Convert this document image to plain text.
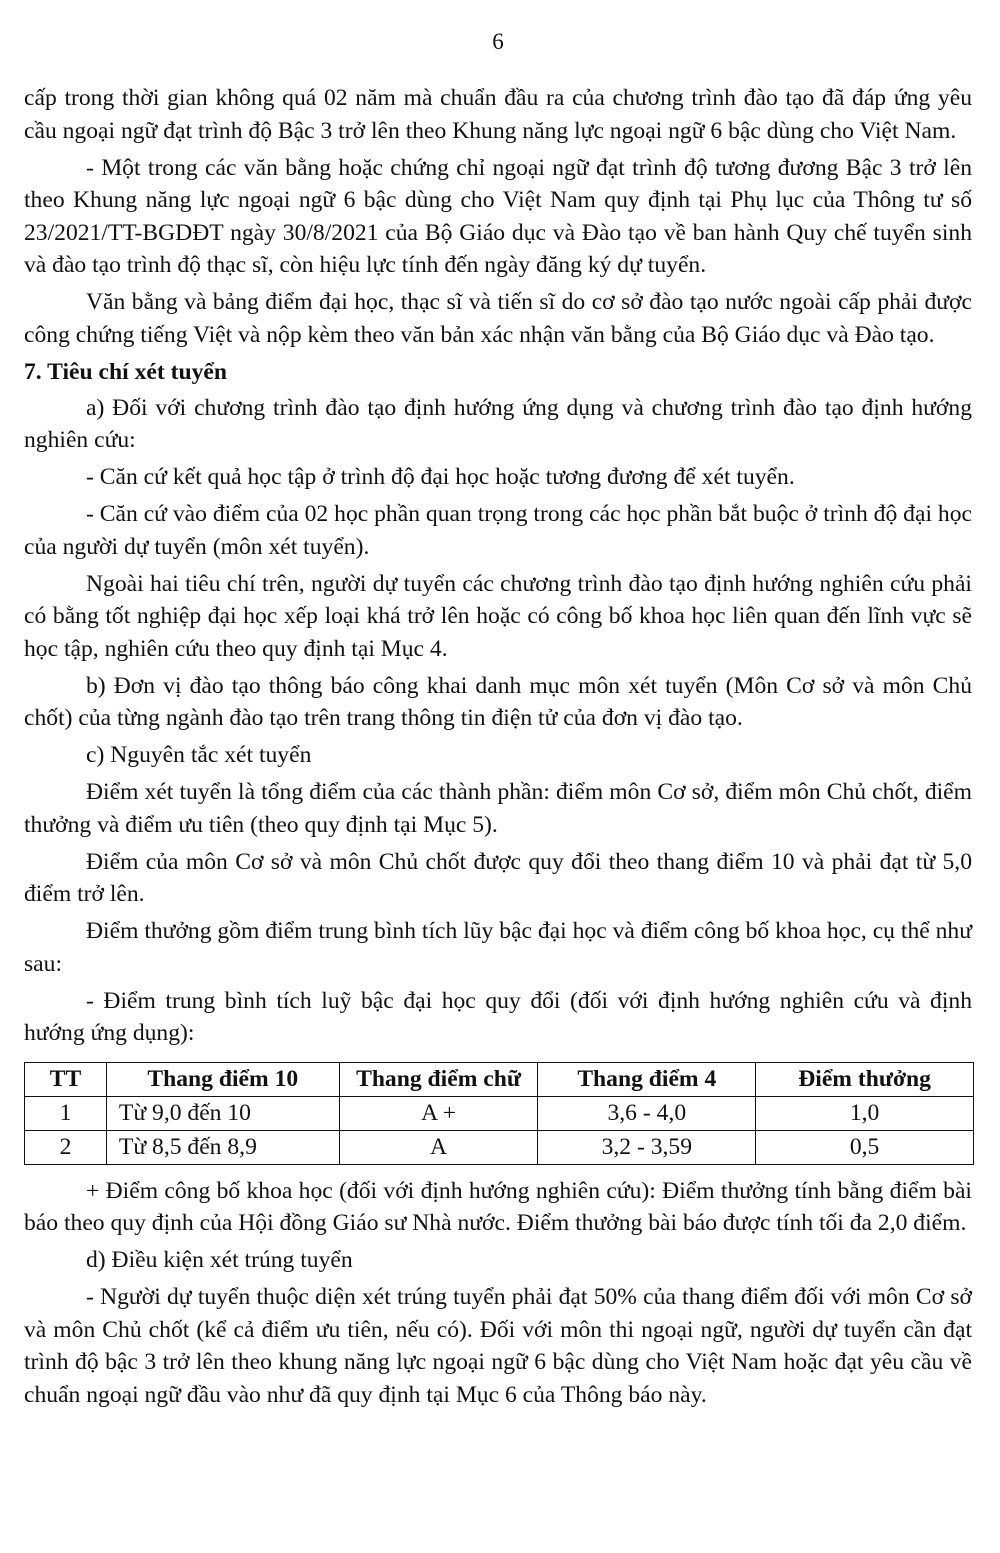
6

cấp trong thời gian không quá 02 năm mà chuẩn đầu ra của chương trình đào tạo đã đáp ứng yêu cầu ngoại ngữ đạt trình độ Bậc 3 trở lên theo Khung năng lực ngoại ngữ 6 bậc dùng cho Việt Nam.

- Một trong các văn bằng hoặc chứng chỉ ngoại ngữ đạt trình độ tương đương Bậc 3 trở lên theo Khung năng lực ngoại ngữ 6 bậc dùng cho Việt Nam quy định tại Phụ lục của Thông tư số 23/2021/TT-BGDĐT ngày 30/8/2021 của Bộ Giáo dục và Đào tạo về ban hành Quy chế tuyển sinh và đào tạo trình độ thạc sĩ, còn hiệu lực tính đến ngày đăng ký dự tuyển.

Văn bằng và bảng điểm đại học, thạc sĩ và tiến sĩ do cơ sở đào tạo nước ngoài cấp phải được công chứng tiếng Việt và nộp kèm theo văn bản xác nhận văn bằng của Bộ Giáo dục và Đào tạo.

7. Tiêu chí xét tuyển

a) Đối với chương trình đào tạo định hướng ứng dụng và chương trình đào tạo định hướng nghiên cứu:

- Căn cứ kết quả học tập ở trình độ đại học hoặc tương đương để xét tuyển.

- Căn cứ vào điểm của 02 học phần quan trọng trong các học phần bắt buộc ở trình độ đại học của người dự tuyển (môn xét tuyển).

Ngoài hai tiêu chí trên, người dự tuyển các chương trình đào tạo định hướng nghiên cứu phải có bằng tốt nghiệp đại học xếp loại khá trở lên hoặc có công bố khoa học liên quan đến lĩnh vực sẽ học tập, nghiên cứu theo quy định tại Mục 4.

b) Đơn vị đào tạo thông báo công khai danh mục môn xét tuyển (Môn Cơ sở và môn Chủ chốt) của từng ngành đào tạo trên trang thông tin điện tử của đơn vị đào tạo.

c) Nguyên tắc xét tuyển

Điểm xét tuyển là tổng điểm của các thành phần: điểm môn Cơ sở, điểm môn Chủ chốt, điểm thưởng và điểm ưu tiên (theo quy định tại Mục 5).

Điểm của môn Cơ sở và môn Chủ chốt được quy đổi theo thang điểm 10 và phải đạt từ 5,0 điểm trở lên.

Điểm thưởng gồm điểm trung bình tích lũy bậc đại học và điểm công bố khoa học, cụ thể như sau:

- Điểm trung bình tích luỹ bậc đại học quy đổi (đối với định hướng nghiên cứu và định hướng ứng dụng):

TT	Thang điểm 10	Thang điểm chữ	Thang điểm 4	Điểm thưởng
1	Từ 9,0 đến 10	A +	3,6 - 4,0	1,0
2	Từ 8,5 đến 8,9	A	3,2 - 3,59	0,5

+ Điểm công bố khoa học (đối với định hướng nghiên cứu): Điểm thưởng tính bằng điểm bài báo theo quy định của Hội đồng Giáo sư Nhà nước. Điểm thưởng bài báo được tính tối đa 2,0 điểm.

d) Điều kiện xét trúng tuyển

- Người dự tuyển thuộc diện xét trúng tuyển phải đạt 50% của thang điểm đối với môn Cơ sở và môn Chủ chốt (kể cả điểm ưu tiên, nếu có). Đối với môn thi ngoại ngữ, người dự tuyển cần đạt trình độ bậc 3 trở lên theo khung năng lực ngoại ngữ 6 bậc dùng cho Việt Nam hoặc đạt yêu cầu về chuẩn ngoại ngữ đầu vào như đã quy định tại Mục 6 của Thông báo này.
